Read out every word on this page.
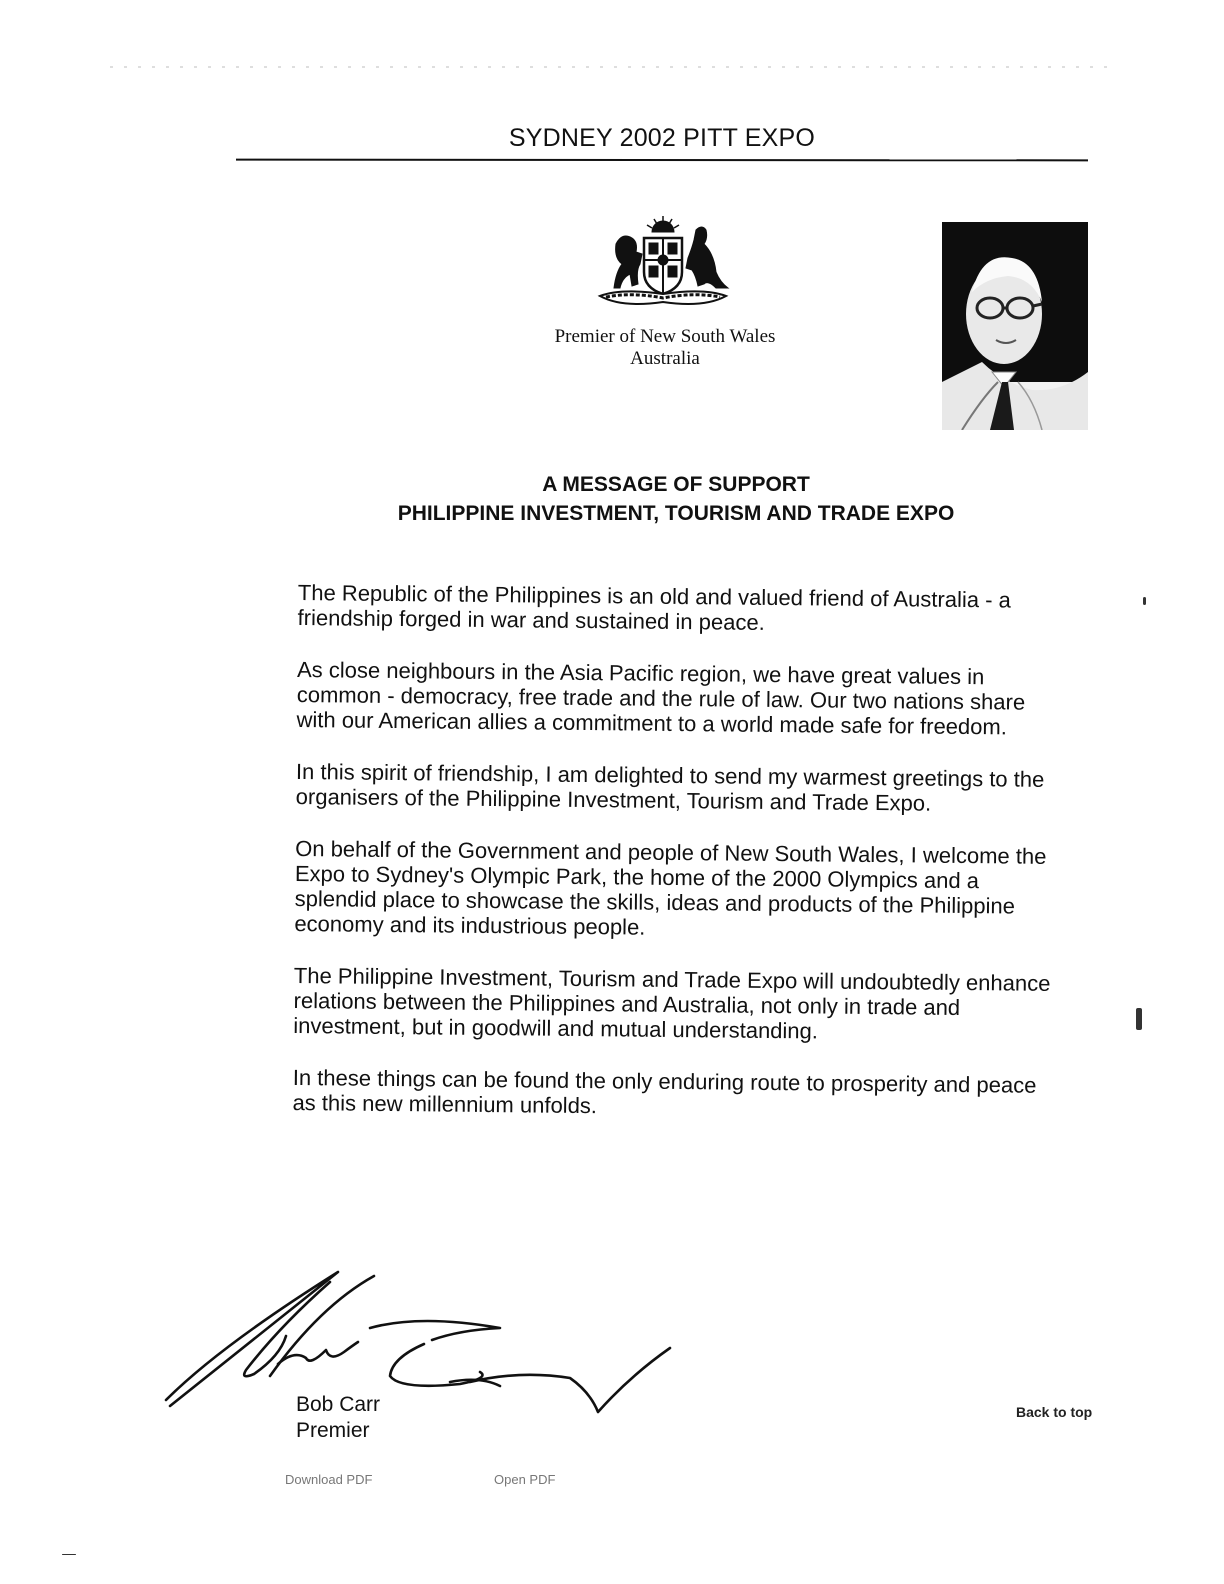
SYDNEY 2002 PITT EXPO
Premier of New South Wales
Australia
A MESSAGE OF SUPPORT
PHILIPPINE INVESTMENT, TOURISM AND TRADE EXPO

The Republic of the Philippines is an old and valued friend of Australia - a friendship forged in war and sustained in peace.

As close neighbours in the Asia Pacific region, we have great values in common - democracy, free trade and the rule of law. Our two nations share with our American allies a commitment to a world made safe for freedom.

In this spirit of friendship, I am delighted to send my warmest greetings to the organisers of the Philippine Investment, Tourism and Trade Expo.

On behalf of the Government and people of New South Wales, I welcome the Expo to Sydney's Olympic Park, the home of the 2000 Olympics and a splendid place to showcase the skills, ideas and products of the Philippine economy and its industrious people.

The Philippine Investment, Tourism and Trade Expo will undoubtedly enhance relations between the Philippines and Australia, not only in trade and investment, but in goodwill and mutual understanding.

In these things can be found the only enduring route to prosperity and peace as this new millennium unfolds.

Bob Carr
Premier
Back to top
Download PDF	Open PDF
